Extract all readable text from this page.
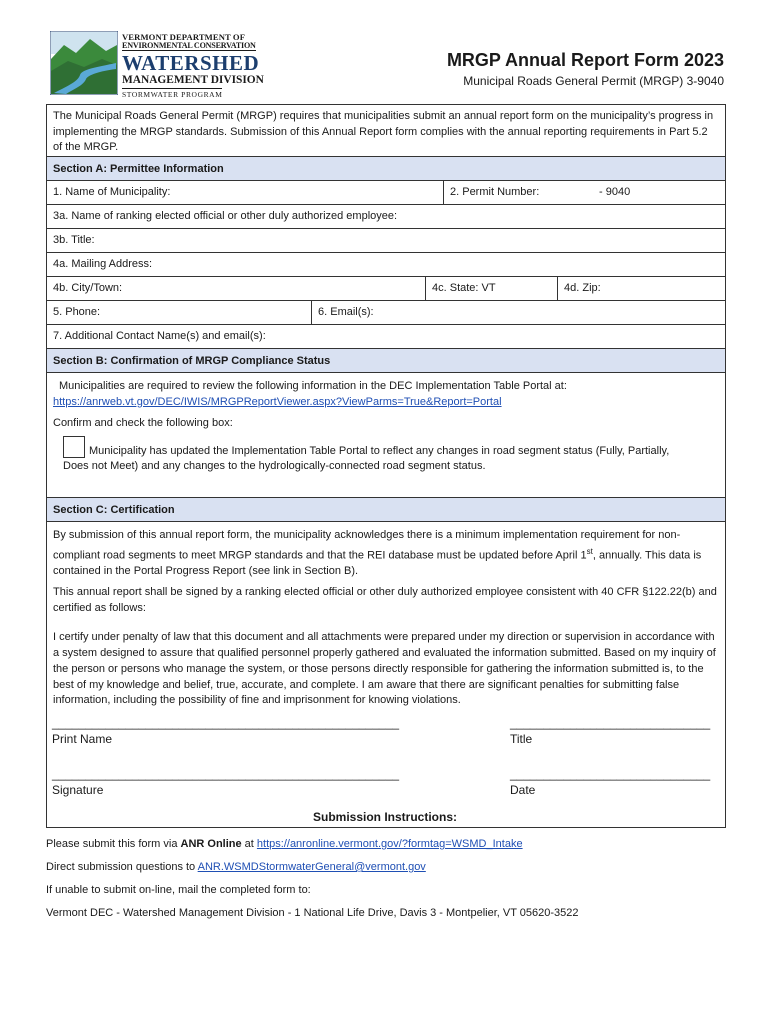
VERMONT DEPARTMENT OF
ENVIRONMENTAL CONSERVATION
WATERSHED
MANAGEMENT DIVISION
STORMWATER PROGRAM
MRGP Annual Report Form 2023
Municipal Roads General Permit (MRGP) 3-9040
The Municipal Roads General Permit (MRGP) requires that municipalities submit an annual report form on the municipality’s progress in implementing the MRGP standards. Submission of this Annual Report form complies with the annual reporting requirements in Part 5.2 of the MRGP.
Section A: Permittee Information
1. Name of Municipality:	2. Permit Number:	- 9040
3a. Name of ranking elected official or other duly authorized employee:
3b. Title:
4a. Mailing Address:
4b. City/Town:	4c. State: VT	4d. Zip:
5. Phone:	6. Email(s):
7. Additional Contact Name(s) and email(s):
Section B: Confirmation of MRGP Compliance Status
Municipalities are required to review the following information in the DEC Implementation Table Portal at:
https://anrweb.vt.gov/DEC/IWIS/MRGPReportViewer.aspx?ViewParms=True&Report=Portal
Confirm and check the following box:
Municipality has updated the Implementation Table Portal to reflect any changes in road segment status (Fully, Partially,
Does not Meet) and any changes to the hydrologically-connected road segment status.
Section C: Certification
By submission of this annual report form, the municipality acknowledges there is a minimum implementation requirement for non-compliant road segments to meet MRGP standards and that the REI database must be updated before April 1st, annually. This data is contained in the Portal Progress Report (see link in Section B).
This annual report shall be signed by a ranking elected official or other duly authorized employee consistent with 40 CFR §122.22(b) and certified as follows:
I certify under penalty of law that this document and all attachments were prepared under my direction or supervision in accordance with a system designed to assure that qualified personnel properly gathered and evaluated the information submitted. Based on my inquiry of the person or persons who manage the system, or those persons directly responsible for gathering the information submitted is, to the best of my knowledge and belief, true, accurate, and complete. I am aware that there are significant penalties for submitting false information, including the possibility of fine and imprisonment for knowing violations.
____________________________________________________
Print Name
______________________________
Title
____________________________________________________
Signature
______________________________
Date
Submission Instructions:
Please submit this form via ANR Online at https://anronline.vermont.gov/?formtag=WSMD_Intake
Direct submission questions to ANR.WSMDStormwaterGeneral@vermont.gov
If unable to submit on-line, mail the completed form to:
Vermont DEC - Watershed Management Division - 1 National Life Drive, Davis 3 - Montpelier, VT 05620-3522
